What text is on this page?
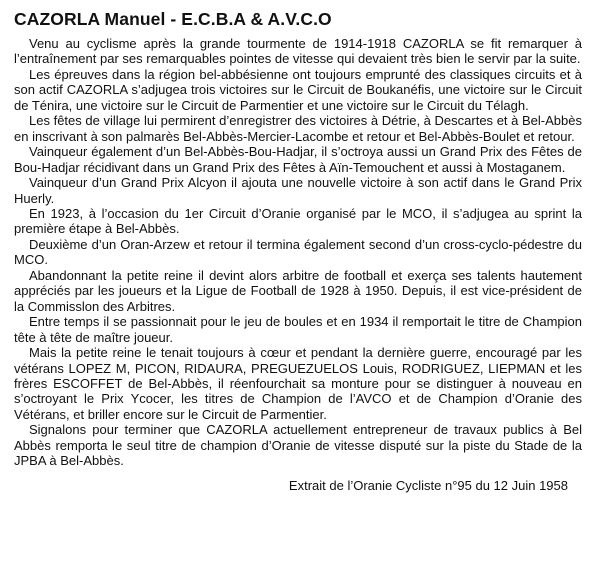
CAZORLA Manuel - E.C.B.A & A.V.C.O

Venu au cyclisme après la grande tourmente de 1914-1918 CAZORLA se fit remarquer à l’entraînement par ses remarquables pointes de vitesse qui devaient très bien le servir par la suite.

Les épreuves dans la région bel-abbésienne ont toujours emprunté des classiques circuits et à son actif CAZORLA s’adjugea trois victoires sur le Circuit de Boukanéfis, une victoire sur le Circuit de Ténira, une victoire sur le Circuit de Parmentier et une victoire sur le Circuit du Télagh.

Les fêtes de village lui permirent d’enregistrer des victoires à Détrie, à Descartes et à Bel-Abbès en inscrivant à son palmarès Bel-Abbès-Mercier-Lacombe et retour et Bel-Abbès-Boulet et retour.

Vainqueur également d’un Bel-Abbès-Bou-Hadjar, il s’octroya aussi un Grand Prix des Fêtes de Bou-Hadjar récidivant dans un Grand Prix des Fêtes à Aïn-Temouchent et aussi à Mostaganem.

Vainqueur d’un Grand Prix Alcyon il ajouta une nouvelle victoire à son actif dans le Grand Prix Huerly.

En 1923, à l’occasion du 1er Circuit d’Oranie organisé par le MCO, il s’adjugea au sprint la première étape à Bel-Abbès.

Deuxième d’un Oran-Arzew et retour il termina également second d’un cross-cyclo-pédestre du MCO.

Abandonnant la petite reine il devint alors arbitre de football et exerça ses talents hautement appréciés par les joueurs et la Ligue de Football de 1928 à 1950. Depuis, il est vice-président de la Commisslon des Arbitres.

Entre temps il se passionnait pour le jeu de boules et en 1934 il remportait le titre de Champion tête à tête de maître joueur.

Mais la petite reine le tenait toujours à cœur et pendant la dernière guerre, encouragé par les vétérans LOPEZ M, PICON, RIDAURA, PREGUEZUELOS Louis, RODRIGUEZ, LIEPMAN et les frères ESCOFFET de Bel-Abbès, il réenfourchait sa monture pour se distinguer à nouveau en s’octroyant le Prix Ycocer, les titres de Champion de l’AVCO et de Champion d’Oranie des Vétérans, et briller encore sur le Circuit de Parmentier.

Signalons pour terminer que CAZORLA actuellement entrepreneur de travaux publics à Bel Abbès remporta le seul titre de champion d’Oranie de vitesse disputé sur la piste du Stade de la JPBA à Bel-Abbès.

Extrait de l’Oranie Cycliste n°95 du 12 Juin 1958
